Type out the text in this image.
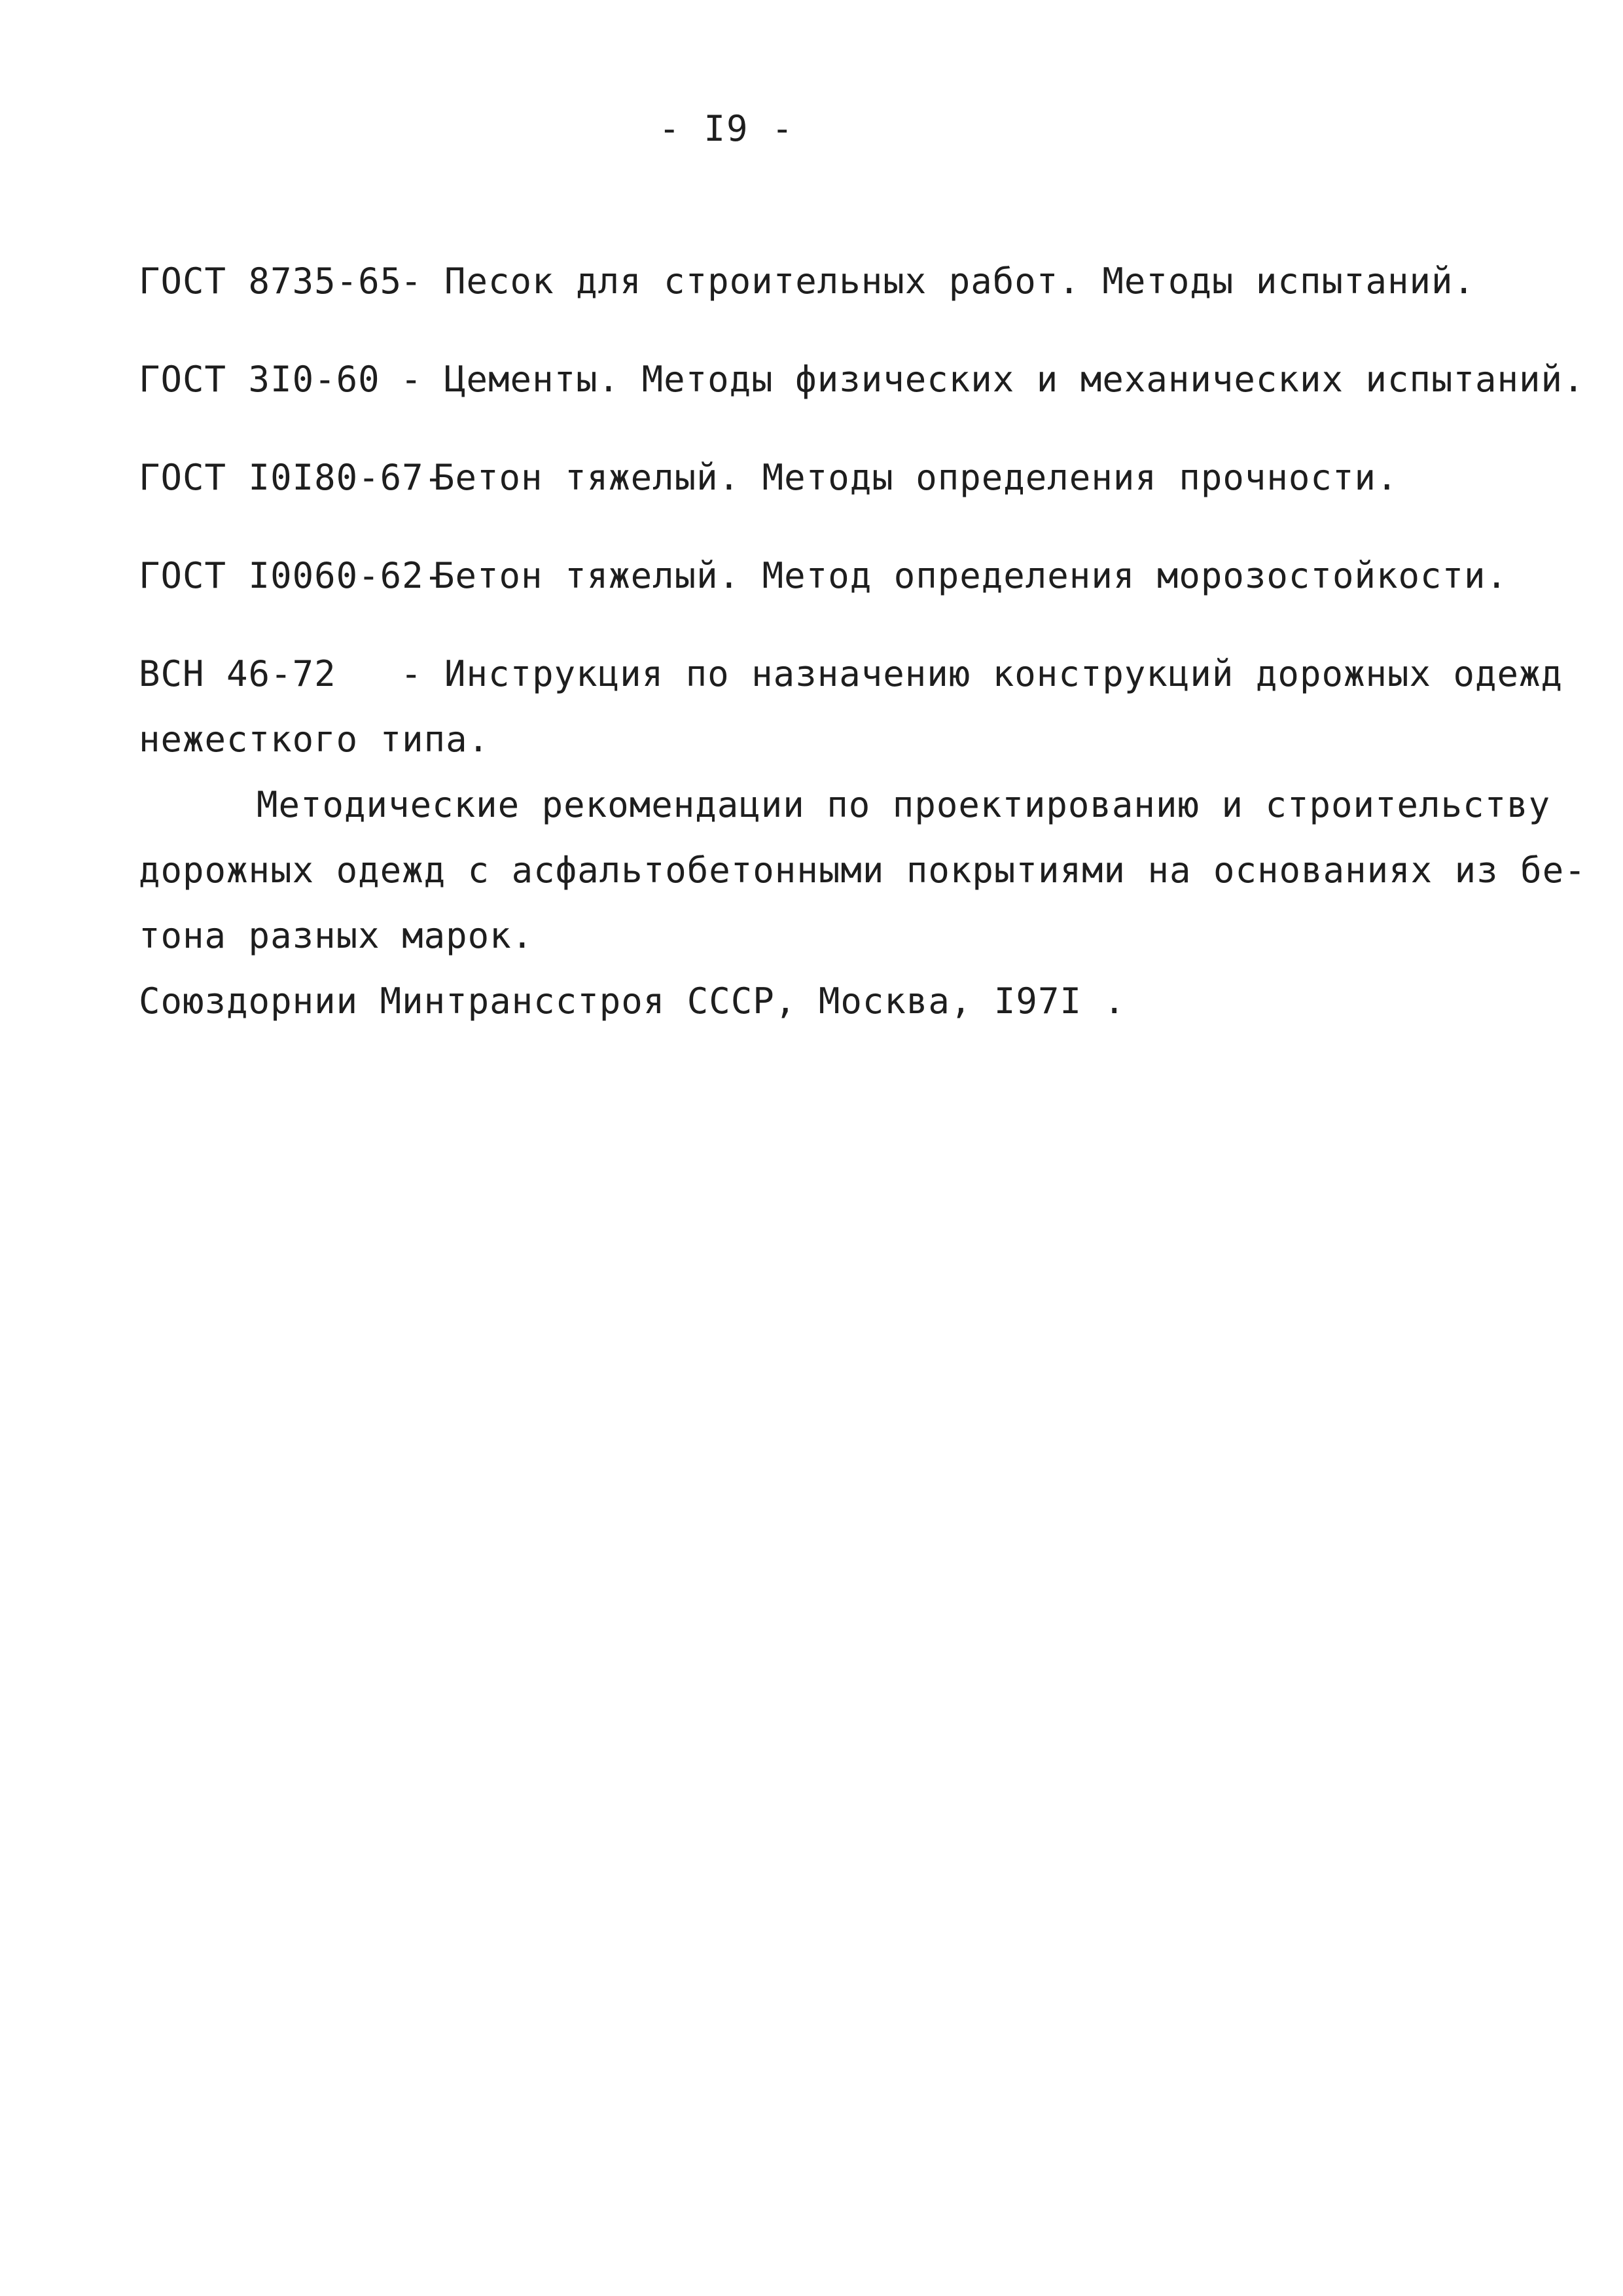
- I9 -
ГОСТ 8735-65- Песок для строительных работ. Методы испытаний.
ГОСТ 3I0-60 - Цементы. Методы физических и механических испытаний.
ГОСТ I0I80-67-Бетон тяжелый. Методы определения прочности.
ГОСТ I0060-62-Бетон тяжелый. Метод определения морозостойкости.
ВСН 46-72 - Инструкция по назначению конструкций дорожных одежд
нежесткого типа.
Методические рекомендации по проектированию и строительству
дорожных одежд с асфальтобетонными покрытиями на основаниях из бе-
тона разных марок.
Союздорнии Минтрансстроя СССР, Москва, I97I .
